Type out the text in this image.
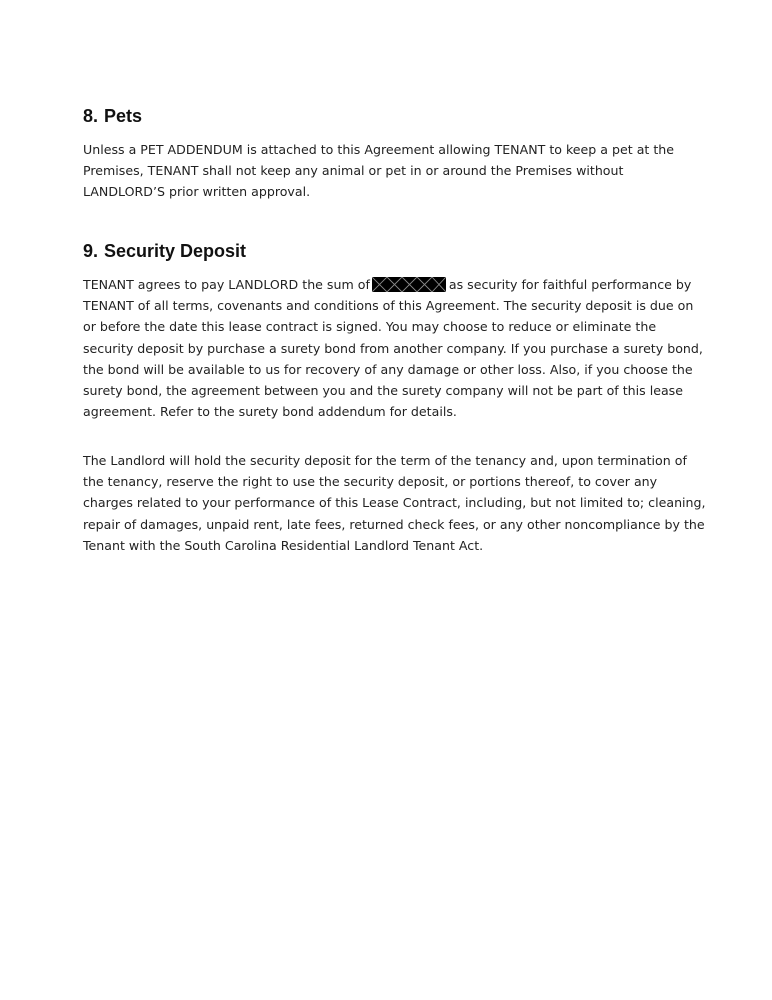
8. Pets
Unless a PET ADDENDUM is attached to this Agreement allowing TENANT to keep a pet at the
Premises, TENANT shall not keep any animal or pet in or around the Premises without
LANDLORD’S prior written approval.
9. Security Deposit
TENANT agrees to pay LANDLORD the sum of	as security for faithful performance by
TENANT of all terms, covenants and conditions of this Agreement. The security deposit is due on
or before the date this lease contract is signed. You may choose to reduce or eliminate the
security deposit by purchase a surety bond from another company. If you purchase a surety bond,
the bond will be available to us for recovery of any damage or other loss. Also, if you choose the
surety bond, the agreement between you and the surety company will not be part of this lease
agreement. Refer to the surety bond addendum for details.
The Landlord will hold the security deposit for the term of the tenancy and, upon termination of
the tenancy, reserve the right to use the security deposit, or portions thereof, to cover any
charges related to your performance of this Lease Contract, including, but not limited to; cleaning,
repair of damages, unpaid rent, late fees, returned check fees, or any other noncompliance by the
Tenant with the South Carolina Residential Landlord Tenant Act.
